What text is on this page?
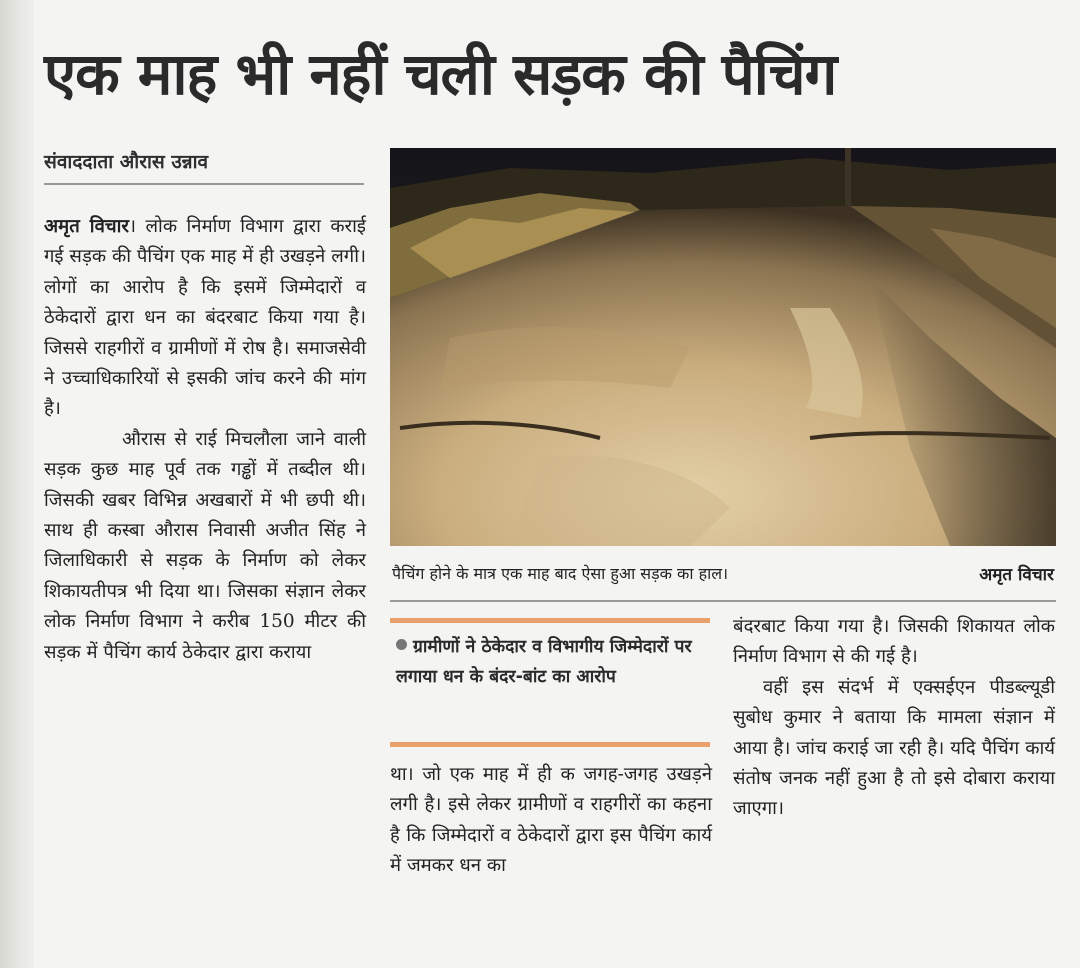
एक माह भी नहीं चली सड़क की पैचिंग
संवाददाता औरास उन्नाव

अमृत विचार। लोक निर्माण विभाग द्वारा कराई गई सड़क की पैचिंग एक माह में ही उखड़ने लगी। लोगों का आरोप है कि इसमें जिम्मेदारों व ठेकेदारों द्वारा धन का बंदरबाट किया गया है। जिससे राहगीरों व ग्रामीणों में रोष है। समाजसेवी ने उच्चाधिकारियों से इसकी जांच करने की मांग है।

औरास से राई मिचलौला जाने वाली सड़क कुछ माह पूर्व तक गड्ढों में तब्दील थी। जिसकी खबर विभिन्न अखबारों में भी छपी थी। साथ ही कस्बा औरास निवासी अजीत सिंह ने जिलाधिकारी से सड़क के निर्माण को लेकर शिकायतीपत्र भी दिया था। जिसका संज्ञान लेकर लोक निर्माण विभाग ने करीब 150 मीटर की सड़क में पैचिंग कार्य ठेकेदार द्वारा कराया

पैचिंग होने के मात्र एक माह बाद ऐसा हुआ सड़क का हाल।	अमृत विचार
ग्रामीणों ने ठेकेदार व विभागीय जिम्मेदारों पर लगाया धन के बंदर-बांट का आरोप

था। जो एक माह में ही क जगह-जगह उखड़ने लगी है। इसे लेकर ग्रामीणों व राहगीरों का कहना है कि जिम्मेदारों व ठेकेदारों द्वारा इस पैचिंग कार्य में जमकर धन का

बंदरबाट किया गया है। जिसकी शिकायत लोक निर्माण विभाग से की गई है।

वहीं इस संदर्भ में एक्सईएन पीडब्ल्यूडी सुबोध कुमार ने बताया कि मामला संज्ञान में आया है। जांच कराई जा रही है। यदि पैचिंग कार्य संतोष जनक नहीं हुआ है तो इसे दोबारा कराया जाएगा।
